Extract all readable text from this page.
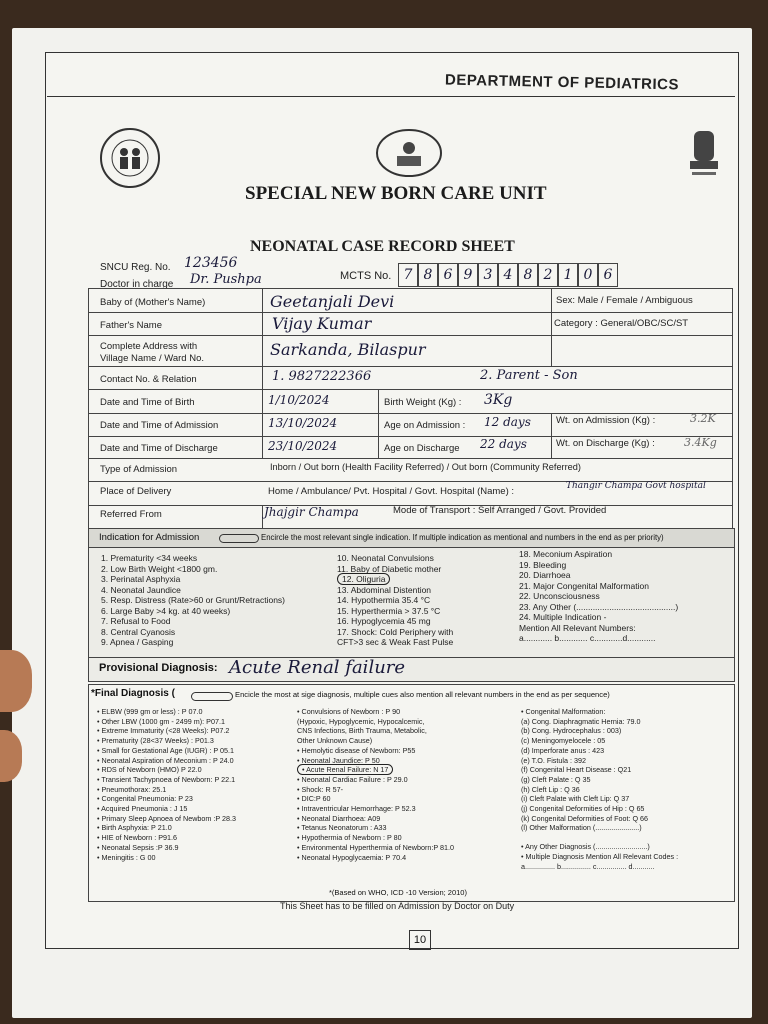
DEPARTMENT OF PEDIATRICS
SPECIAL NEW BORN CARE UNIT
NEONATAL CASE RECORD SHEET
SNCU Reg. No. 123456
Doctor in charge Dr. Pushpa	MCTS No. 7 8 6 9 3 4 8 2 1 0 6
Baby of (Mother's Name)	Geetanjali Devi	Sex: Male / Female / Ambiguous
Father's Name	Vijay Kumar	Category : General/OBC/SC/ST
Complete Address with
Village Name / Ward No.	Sarkanda, Bilaspur
Contact No. & Relation	1. 9827222366	2. Parent - Son
Date and Time of Birth	1/10/2024	Birth Weight (Kg) : 3Kg
Date and Time of Admission	13/10/2024	Age on Admission : 12 days	Wt. on Admission (Kg) :	3.2K
Date and Time of Discharge	23/10/2024	Age on Discharge 22 days	Wt. on Discharge (Kg) :	3.4Kg
Type of Admission	Inborn / Out born (Health Facility Referred) / Out born (Community Referred)
Place of Delivery	Home / Ambulance/ Pvt. Hospital / Govt. Hospital (Name) :	Thangir Champa Govt hospital
Referred From	Jhajgir Champa	Mode of Transport : Self Arranged / Govt. Provided
Indication for Admission	Encircle the most relevant single indication. If multiple indication as mentional and numbers in the end as per priority)
1. Prematurity <34 weeks
2. Low Birth Weight <1800 gm.
3. Perinatal Asphyxia
4. Neonatal Jaundice
5. Resp. Distress (Rate>60 or Grunt/Retractions)
6. Large Baby >4 kg. at 40 weeks)
7. Refusal to Food
8. Central Cyanosis
9. Apnea / Gasping
10. Neonatal Convulsions
11. Baby of Diabetic mother
12. Oliguria
13. Abdominal Distention
14. Hypothermia 35.4 °C
15. Hyperthermia > 37.5 °C
16. Hypoglycemia 45 mg
17. Shock: Cold Periphery with
CFT>3 sec & Weak Fast Pulse
18. Meconium Aspiration
19. Bleeding
20. Diarrhoea
21. Major Congenital Malformation
22. Unconsciousness
23. Any Other (..........................................)
24. Multiple Indication -
Mention All Relevant Numbers:
a............ b............ c............d............
Provisional Diagnosis: Acute Renal failure
*Final Diagnosis (	Encicle the most at sige diagnosis, multiple cues also mention all relevant numbers in the end as per sequence)
• ELBW (999 gm or less) : P 07.0
• Other LBW (1000 gm - 2499 m): P07.1
• Extreme Immaturity (<28 Weeks): P07.2
• Prematurity (28<37 Weeks) : P01.3
• Small for Gestational Age (IUGR) : P 05.1
• Neonatal Aspiration of Meconium : P 24.0
• RDS of Newborn (HMO) P 22.0
• Transient Tachypnoea of Newborn: P 22.1
• Pneumothorax: 25.1
• Congenital Pneumonia: P 23
• Acquired Pneumonia : J 15
• Primary Sleep Apnoea of Newbom :P 28.3
• Birth Asphyxia: P 21.0
• HIE of Newborn : P91.6
• Neonatal Sepsis :P 36.9
• Meningitis : G 00
• Convulsions of Newborn : P 90
(Hypoxic, Hypoglycemic, Hypocalcemic,
CNS Infections, Birth Trauma, Metabolic,
Other Unknown Cause)
• Hemolytic disease of Newborn: P55
• Neonatal Jaundice: P 50
• Acute Renal Failure: N 17
• Neonatal Cardiac Failure : P 29.0
• Shock: R 57-
• DIC:P 60
• Intraventricular Hemorrhage: P 52.3
• Neonatal Diarrhoea: A09
• Tetanus Neonatorum : A33
• Hypothermia of Newborn : P 80
• Environmental Hyperthermia of Newborn:P 81.0
• Neonatal Hypoglycaemia: P 70.4
• Congenital Malformation:
(a) Cong. Diaphragmatic Hernia: 79.0
(b) Cong. Hydrocephalus : 003)
(c) Meningomyelocele : 05
(d) Imperforate anus : 423
(e) T.O. Fistula : 392
(f) Congenital Heart Disease : Q21
(g) Cleft Palate : Q 35
(h) Cleft Lip : Q 36
(i) Cleft Palate with Cleft Lip: Q 37
(j) Congenital Deformities of Hip : Q 65
(k) Congenital Deformities of Foot: Q 66
(l) Other Malformation (......................)
• Any Other Diagnosis (..........................)
• Multiple Diagnosis Mention All Relevant Codes :
a............... b............... c............... d...........
*(Based on WHO, ICD -10 Version; 2010)
This Sheet has to be filled on Admission by Doctor on Duty
10
